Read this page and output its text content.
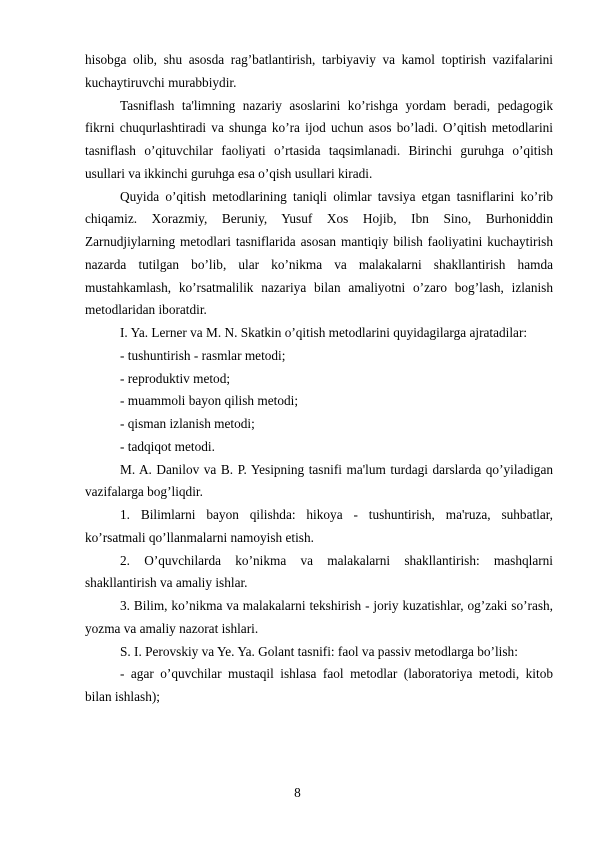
hisobga olib, shu asosda rag’batlantirish, tarbiyaviy va kamol toptirish vazifalarini kuchaytiruvchi murabbiydir.

Tasniflash ta'limning nazariy asoslarini ko’rishga yordam beradi, pedagogik fikrni chuqurlashtiradi va shunga ko’ra ijod uchun asos bo’ladi. O’qitish metodlarini tasniflash o’qituvchilar faoliyati o’rtasida taqsimlanadi. Birinchi guruhga o’qitish usullari va ikkinchi guruhga esa o’qish usullari kiradi.

Quyida o’qitish metodlarining taniqli olimlar tavsiya etgan tasniflarini ko’rib chiqamiz. Xorazmiy, Beruniy, Yusuf Xos Hojib, Ibn Sino, Burhoniddin Zarnudjiylarning metodlari tasniflarida asosan mantiqiy bilish faoliyatini kuchaytirish nazarda tutilgan bo’lib, ular ko’nikma va malakalarni shakllantirish hamda mustahkamlash, ko’rsatmalilik nazariya bilan amaliyotni o’zaro bog’lash, izlanish metodlaridan iboratdir.

I. Ya. Lerner va M. N. Skatkin o’qitish metodlarini quyidagilarga ajratadilar:

- tushuntirish - rasmlar metodi;

- reproduktiv metod;

- muammoli bayon qilish metodi;

- qisman izlanish metodi;

- tadqiqot metodi.

M. A. Danilov va B. P. Yesipning tasnifi ma'lum turdagi darslarda qo’yiladigan vazifalarga bog’liqdir.

1. Bilimlarni bayon qilishda: hikoya - tushuntirish, ma'ruza, suhbatlar, ko’rsatmali qo’llanmalarni namoyish etish.

2. O’quvchilarda ko’nikma va malakalarni shakllantirish: mashqlarni shakllantirish va amaliy ishlar.

3. Bilim, ko’nikma va malakalarni tekshirish - joriy kuzatishlar, og’zaki so’rash, yozma va amaliy nazorat ishlari.

S. I. Perovskiy va Ye. Ya. Golant tasnifi: faol va passiv metodlarga bo’lish:

- agar o’quvchilar mustaqil ishlasa faol metodlar (laboratoriya metodi, kitob bilan ishlash);

8
